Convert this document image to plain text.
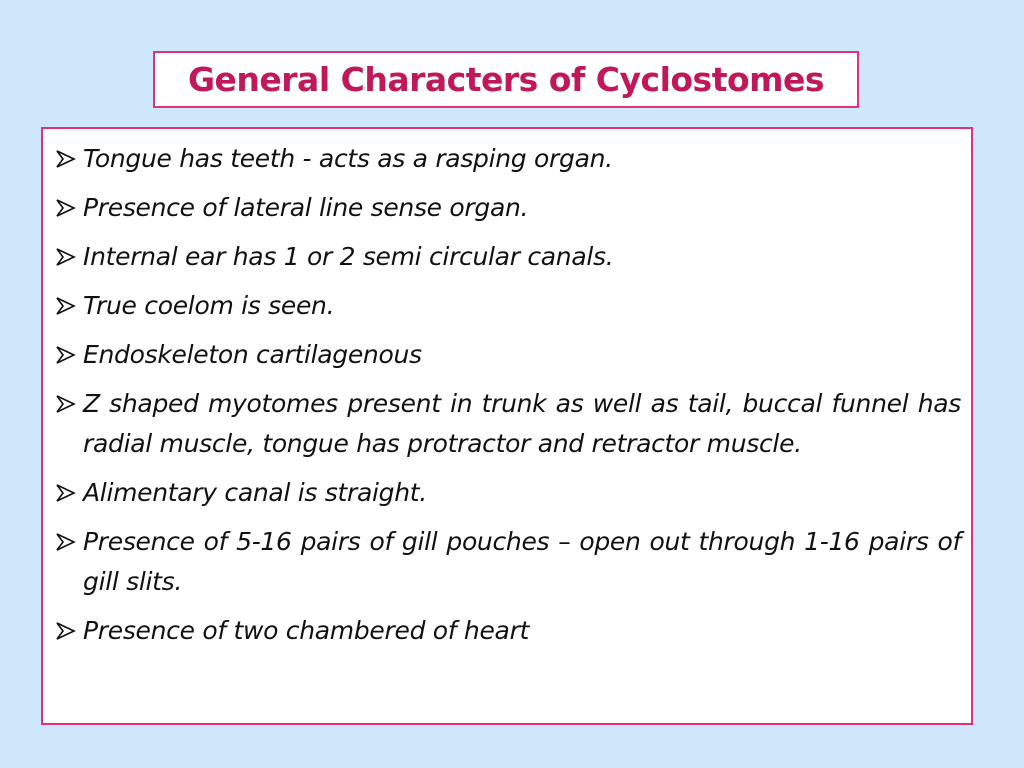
General Characters of Cyclostomes
Tongue has teeth - acts as a rasping organ.
Presence of lateral line sense organ.
Internal ear has 1 or 2 semi circular canals.
True coelom is seen.
Endoskeleton cartilagenous
Z shaped myotomes present in trunk as well as tail, buccal funnel has radial muscle, tongue has protractor and retractor muscle.
Alimentary canal is straight.
Presence of 5-16 pairs of gill pouches – open out through 1-16 pairs of gill slits.
Presence of two chambered of heart
